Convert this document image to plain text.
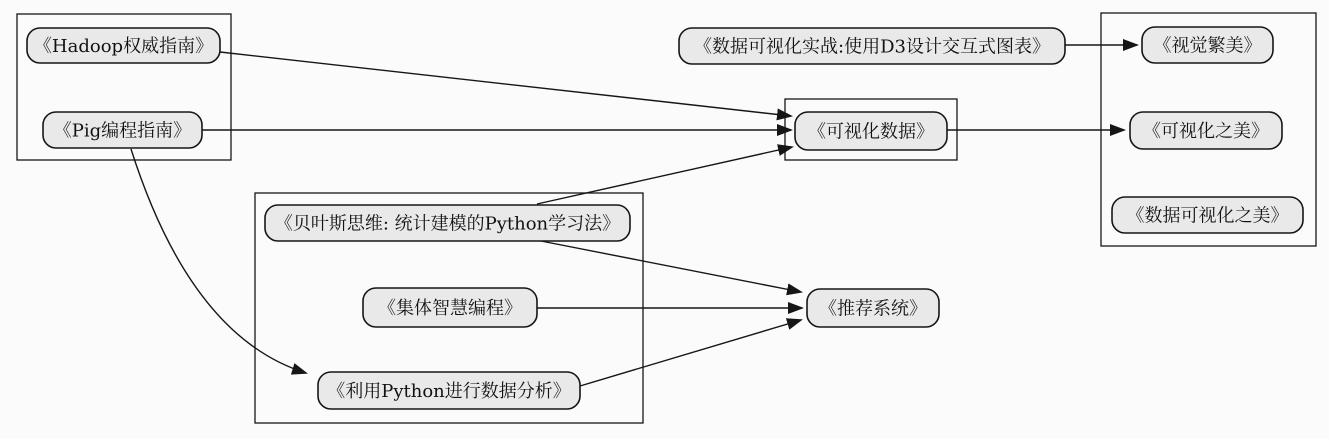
《Hadoop权威指南》
《Pig编程指南》
《数据可视化实战:使用D3设计交互式图表》
《可视化数据》
《视觉繁美》
《可视化之美》
《数据可视化之美》
《贝叶斯思维: 统计建模的Python学习法》
《集体智慧编程》
《利用Python进行数据分析》
《推荐系统》
